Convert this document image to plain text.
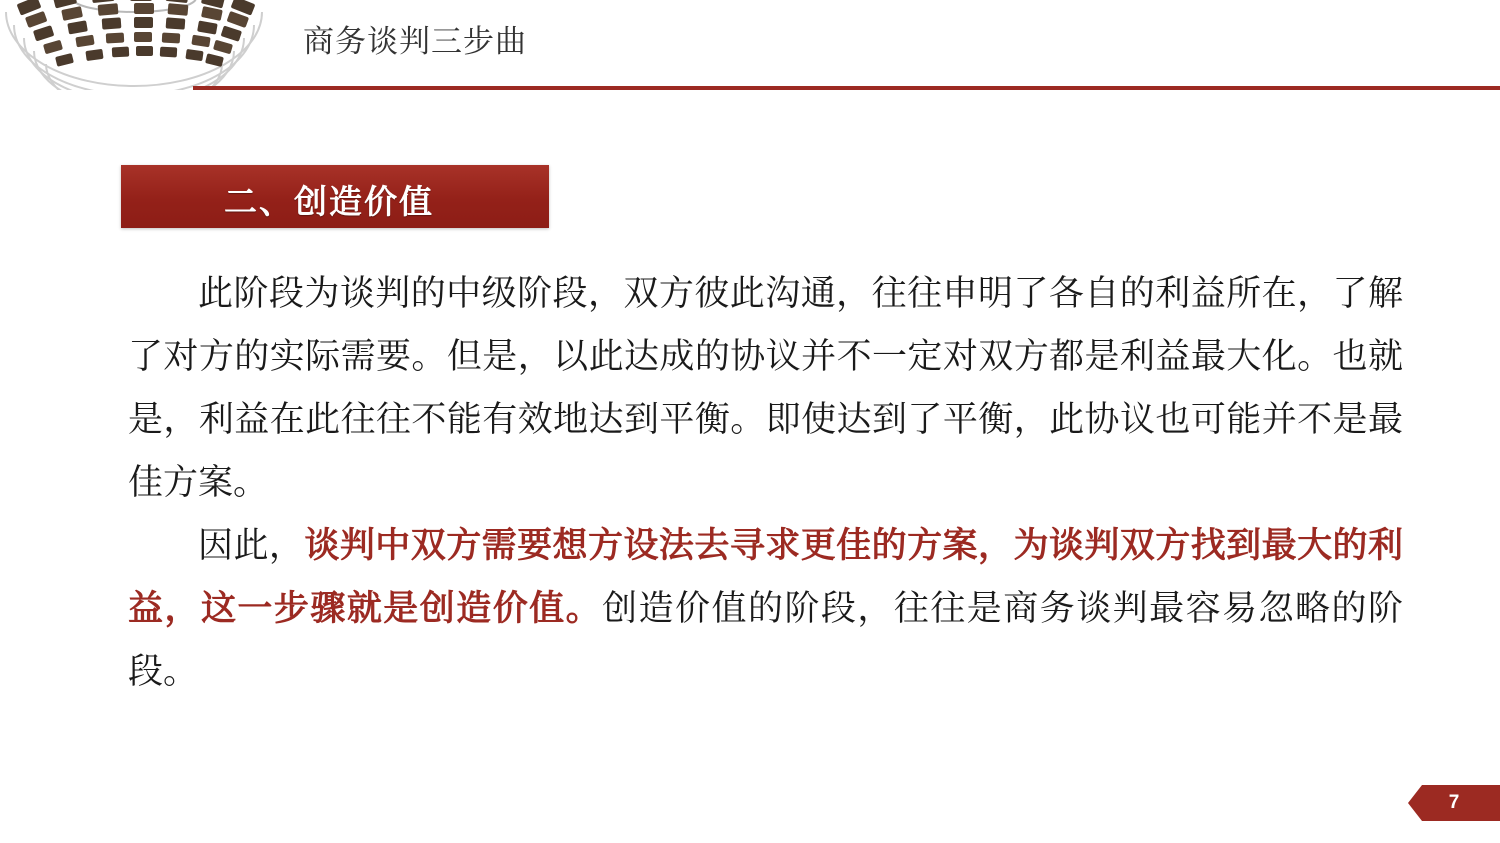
商务谈判三步曲
二、创造价值

此阶段为谈判的中级阶段，双方彼此沟通，往往申明了各自的利益所在，了解了对方的实际需要。但是，以此达成的协议并不一定对双方都是利益最大化。也就是，利益在此往往不能有效地达到平衡。即使达到了平衡，此协议也可能并不是最佳方案。

因此，谈判中双方需要想方设法去寻求更佳的方案，为谈判双方找到最大的利益，这一步骤就是创造价值。创造价值的阶段，往往是商务谈判最容易忽略的阶段。

7
